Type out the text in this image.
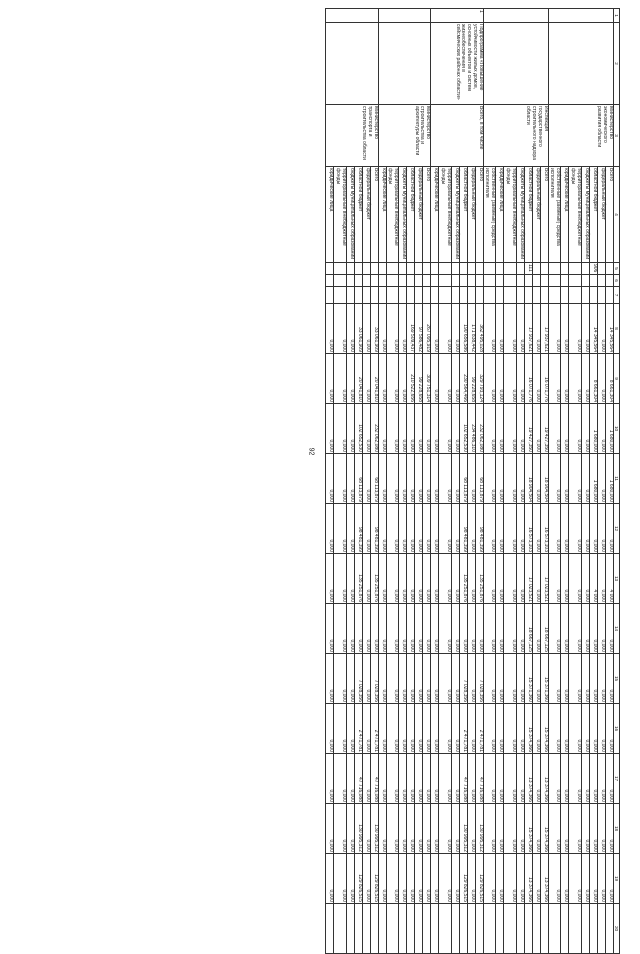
92
1	2	3	4	5	6	7	8	9	10	11	12	13	14	15	16	17	18	19	20
		Министерство экономического развития области	Всего				14 345,564	8 661,304	1 680,000	1 680,000	0,000	4 000	0,000	0,000	0,000	0,000	0,000	0,000	
			федеральный бюджет				0,000	0,000	0,000	0,000	0,000	0,000	0,000	0,000	0,000	0,000	0,000	0,000	
			областной бюджет	906			14 345,564	8 661,304	1 680,000	1 680,000	0,000	4 000	0,000	0,000	0,000	0,000	0,000	0,000	
			бюджеты муниципальных образований				0,000	0,000	0,000	0,000	0,000	0,000	0,000	0,000	0,000	0,000	0,000	0,000	
			территориальные внебюджетные фонды				0,000	0,000	0,000	0,000	0,000	0,000	0,000	0,000	0,000	0,000	0,000	0,000	
			юридические лица				0,000	0,000	0,000	0,000	0,000	0,000	0,000	0,000	0,000	0,000	0,000	0,000	
			собственные (заемные) средства исполнителя				0,000	0,000	0,000	0,000	0,000	0,000	0,000	0,000	0,000	0,000	0,000	0,000	
		Инспекция государственного строительного надзора области	Всего				17 937,621	16 071,776	19 427,350	18 904,504	16 573,103	17 023,521	18 667,125	15 371,360	15 374,366	13 374,366	15 374,366	13 374,366	
			федеральный бюджет				0,000	0,000	0,000	0,000	0,000	0,000	0,000	0,000	0,000	0,000	0,000	0,000	
			областной бюджет	111			17 937,621	16 071,776	19 427,350	18 904,504	16 573,103	17 023,521	18 667,125	15 371,360	15 374,366	13 374,366	15 374,366	13 374,366	
			бюджеты муниципальных образований				0,000	0,000	0,000	0,000	0,000	0,000	0,000	0,000	0,000	0,000	0,000	0,000	
			территориальные внебюджетные фонды				0,000	0,000	0,000	0,000	0,000	0,000	0,000	0,000	0,000	0,000	0,000	0,000	
			юридические лица				0,000	0,000	0,000	0,000	0,000	0,000	0,000	0,000	0,000	0,000	0,000	0,000	
			собственные (заемные) средства исполнителя				0,000	0,000	0,000	0,000	0,000	0,000	0,000	0,000	0,000	0,000	0,000	0,000	
1	Подпрограмма «Повышение устойчивости жилых домов, основных объектов и систем жизнеобеспечения в сейсмических районах области»	Всего, в том числе	Всего				362 495,028	329 793,124	232 062,080	68 113,879	98 481,399	135 251,876	0,000	7 028,356	2 471,781	47 716,088	130 995,312	129 826,515	
			федеральный бюджет				171 838,442	99 228,658	234 486,310	0,000	0,000	0,000	0,000	0,000	0,000	0,000	0,000	0,000	
			областной бюджет				190 656,586	230 564,466	102 652,530	68 113,879	98 481,399	135 251,876	0,000	7 028,356	2 471,781	47 716,088	130 995,312	129 826,515	
			бюджеты муниципальных образований				0,000	0,000	0,000	0,000	0,000	0,000	0,000	0,000	0,000	0,000	0,000	0,000	
			территориальные внебюджетные фонды				0,000	0,000	0,000	0,000	0,000	0,000	0,000	0,000	0,000	0,000	0,000	0,000	
			юридические лица				0,000	0,000	0,000	0,000	0,000	0,000	0,000	0,000	0,000	0,000	0,000	0,000	
		Министерство строительства и архитектуры области	Всего				267 095,919	309 751,314	0,000	0,000	0,000	0,000	0,000	0,000	0,000	0,000	0,000	0,000	
			федеральный бюджет				97 586,482	99 228,658	0,000	0,000	0,000	0,000	0,000	0,000	0,000	0,000	0,000	0,000	
			областной бюджет				169 509,437	210 522,656	0,000	0,000	0,000	0,000	0,000	0,000	0,000	0,000	0,000	0,000	
			бюджеты муниципальных образований				0,000	0,000	0,000	0,000	0,000	0,000	0,000	0,000	0,000	0,000	0,000	0,000	
			территориальные внебюджетные фонды				0,000	0,000	0,000	0,000	0,000	0,000	0,000	0,000	0,000	0,000	0,000	0,000	
			юридические лица				0,000	0,000	0,000	0,000	0,000	0,000	0,000	0,000	0,000	0,000	0,000	0,000	
		Министерство транспорта и строительства области	Всего				33 061,909	20 041,810	232 062,080	68 113,879	98 481,399	135 251,876	0,000	7 028,356	2 471,781	47 716,088	130 995,312	129 826,515	
			федеральный бюджет				0,000	0,000	0,000	0,000	0,000	0,000	0,000	0,000	0,000	0,000	0,000	0,000	
			областной бюджет				33 061,909	20 041,810	102 652,530	68 113,879	98 481,399	135 251,876	0,000	7 028,356	2 471,781	47 716,088	130 995,312	129 826,515	
			бюджеты муниципальных образований				0,000	0,000	0,000	0,000	0,000	0,000	0,000	0,000	0,000	0,000	0,000	0,000	
			территориальные внебюджетные фонды				0,000	0,000	0,000	0,000	0,000	0,000	0,000	0,000	0,000	0,000	0,000	0,000	
			юридические лица				0,000	0,000	0,000	0,000	0,000	0,000	0,000	0,000	0,000	0,000	0,000	0,000	
